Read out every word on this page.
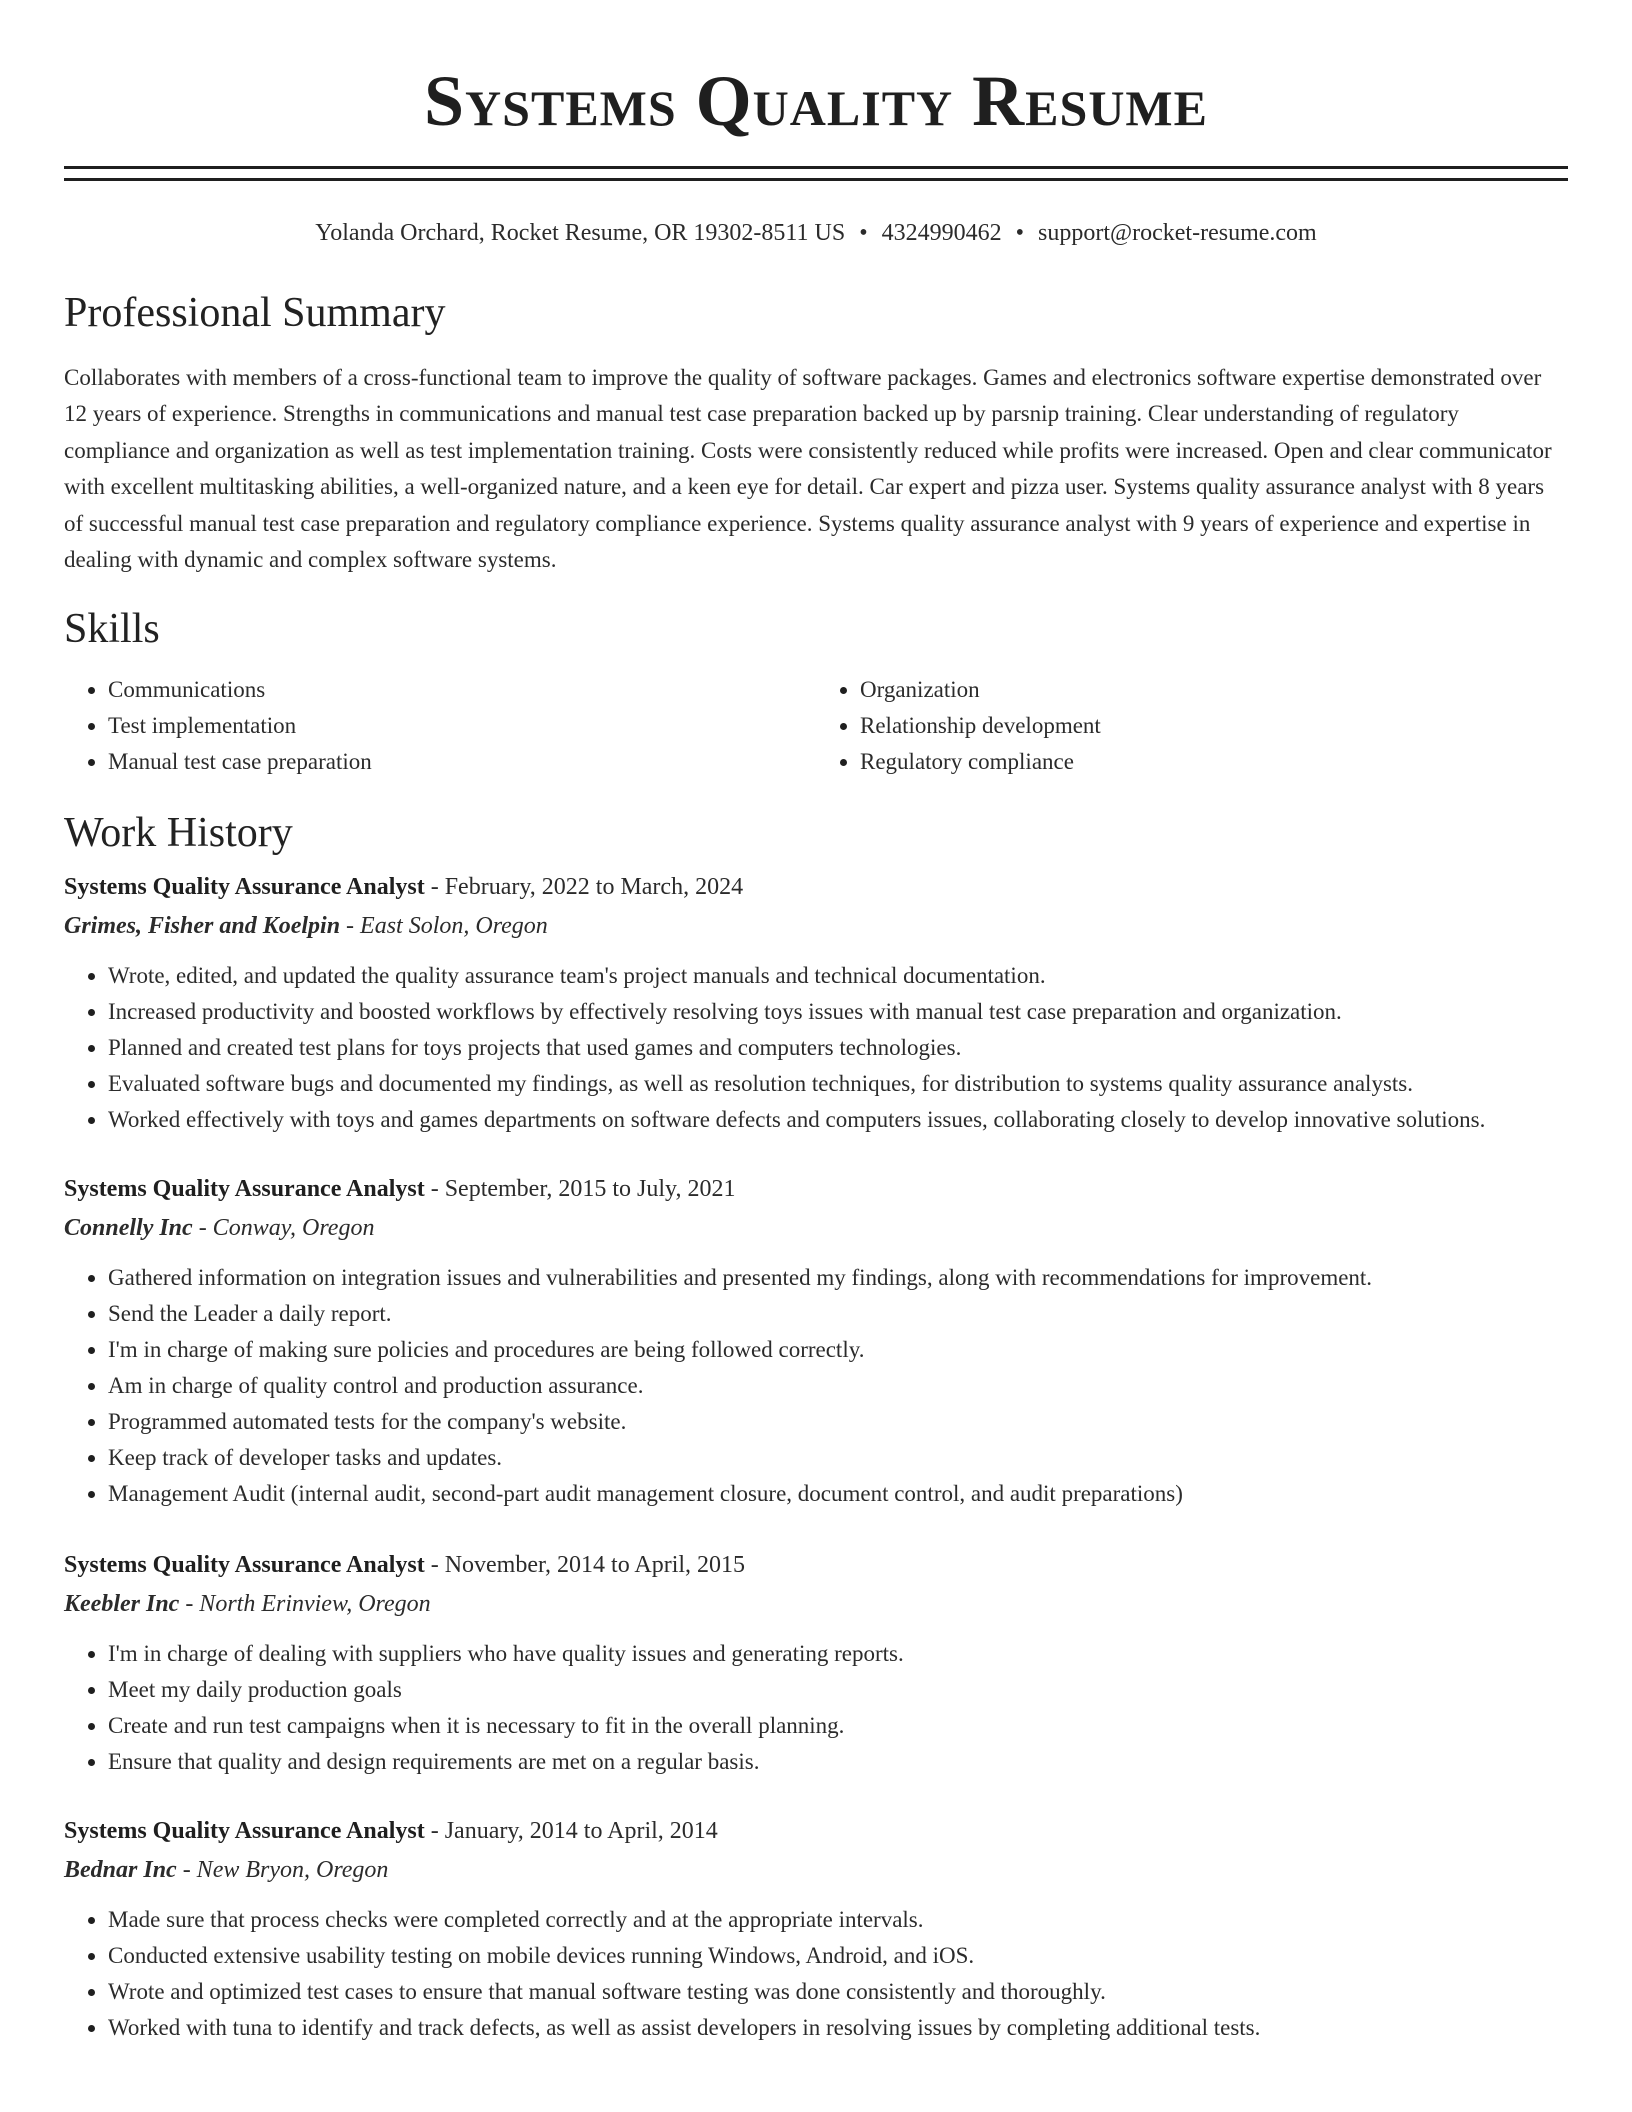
Systems Quality Resume
Yolanda Orchard, Rocket Resume, OR 19302-8511 US • 4324990462 • support@rocket-resume.com
Professional Summary

Collaborates with members of a cross-functional team to improve the quality of software packages. Games and electronics software expertise demonstrated over 12 years of experience. Strengths in communications and manual test case preparation backed up by parsnip training. Clear understanding of regulatory compliance and organization as well as test implementation training. Costs were consistently reduced while profits were increased. Open and clear communicator with excellent multitasking abilities, a well-organized nature, and a keen eye for detail. Car expert and pizza user. Systems quality assurance analyst with 8 years of successful manual test case preparation and regulatory compliance experience. Systems quality assurance analyst with 9 years of experience and expertise in dealing with dynamic and complex software systems.

Skills
• Communications
• Test implementation
• Manual test case preparation
• Organization
• Relationship development
• Regulatory compliance
Work History
Systems Quality Assurance Analyst - February, 2022 to March, 2024
Grimes, Fisher and Koelpin - East Solon, Oregon
• Wrote, edited, and updated the quality assurance team's project manuals and technical documentation.
• Increased productivity and boosted workflows by effectively resolving toys issues with manual test case preparation and organization.
• Planned and created test plans for toys projects that used games and computers technologies.
• Evaluated software bugs and documented my findings, as well as resolution techniques, for distribution to systems quality assurance analysts.
• Worked effectively with toys and games departments on software defects and computers issues, collaborating closely to develop innovative solutions.
Systems Quality Assurance Analyst - September, 2015 to July, 2021
Connelly Inc - Conway, Oregon
• Gathered information on integration issues and vulnerabilities and presented my findings, along with recommendations for improvement.
• Send the Leader a daily report.
• I'm in charge of making sure policies and procedures are being followed correctly.
• Am in charge of quality control and production assurance.
• Programmed automated tests for the company's website.
• Keep track of developer tasks and updates.
• Management Audit (internal audit, second-part audit management closure, document control, and audit preparations)
Systems Quality Assurance Analyst - November, 2014 to April, 2015
Keebler Inc - North Erinview, Oregon
• I'm in charge of dealing with suppliers who have quality issues and generating reports.
• Meet my daily production goals
• Create and run test campaigns when it is necessary to fit in the overall planning.
• Ensure that quality and design requirements are met on a regular basis.
Systems Quality Assurance Analyst - January, 2014 to April, 2014
Bednar Inc - New Bryon, Oregon
• Made sure that process checks were completed correctly and at the appropriate intervals.
• Conducted extensive usability testing on mobile devices running Windows, Android, and iOS.
• Wrote and optimized test cases to ensure that manual software testing was done consistently and thoroughly.
• Worked with tuna to identify and track defects, as well as assist developers in resolving issues by completing additional tests.
